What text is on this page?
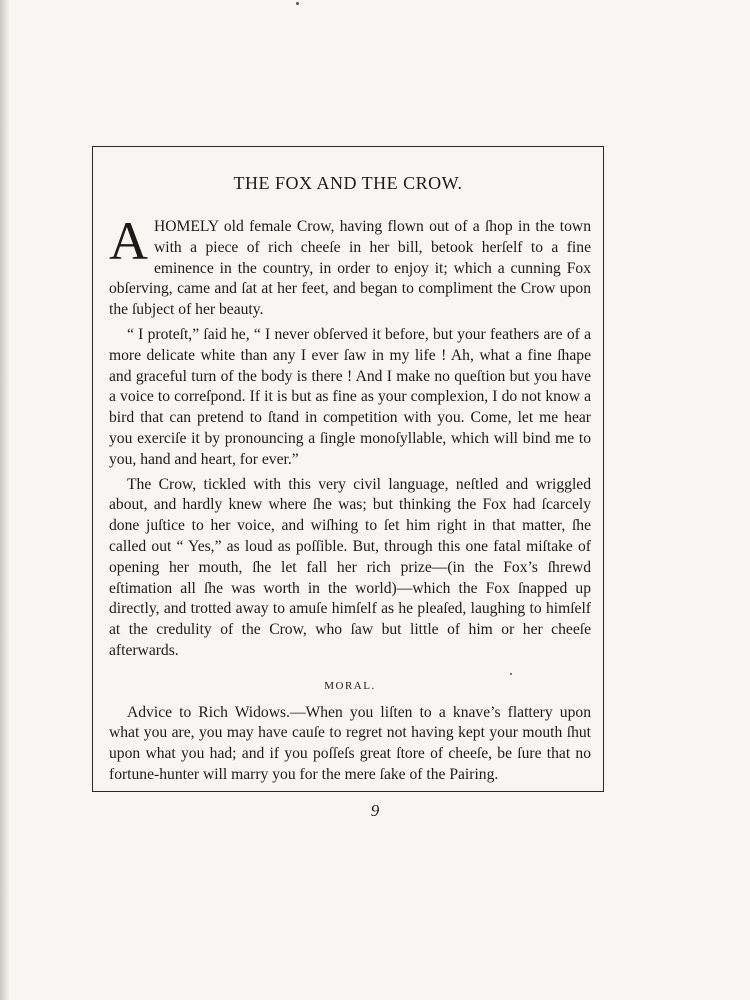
THE FOX AND THE CROW.

A HOMELY old female Crow, having flown out of a ſhop in the town with a piece of rich cheeſe in her bill, betook herſelf to a fine eminence in the country, in order to enjoy it; which a cunning Fox obſerving, came and ſat at her feet, and began to compliment the Crow upon the ſubject of her beauty.

“ I proteſt,” ſaid he, “ I never obſerved it before, but your feathers are of a more delicate white than any I ever ſaw in my life ! Ah, what a fine ſhape and graceful turn of the body is there ! And I make no queſtion but you have a voice to correſpond. If it is but as fine as your complexion, I do not know a bird that can pretend to ſtand in competition with you. Come, let me hear you exerciſe it by pronouncing a ſingle monoſyllable, which will bind me to you, hand and heart, for ever.”

The Crow, tickled with this very civil language, neſtled and wriggled about, and hardly knew where ſhe was; but thinking the Fox had ſcarcely done juſtice to her voice, and wiſhing to ſet him right in that matter, ſhe called out “ Yes,” as loud as poſſible. But, through this one fatal miſtake of opening her mouth, ſhe let fall her rich prize—(in the Fox’s ſhrewd eſtimation all ſhe was worth in the world)—which the Fox ſnapped up directly, and trotted away to amuſe himſelf as he pleaſed, laughing to himſelf at the credulity of the Crow, who ſaw but little of him or her cheeſe afterwards.

MORAL.

Advice to Rich Widows.—When you liſten to a knave’s flattery upon what you are, you may have cauſe to regret not having kept your mouth ſhut upon what you had; and if you poſſeſs great ſtore of cheeſe, be ſure that no fortune-hunter will marry you for the mere ſake of the Pairing.

9
